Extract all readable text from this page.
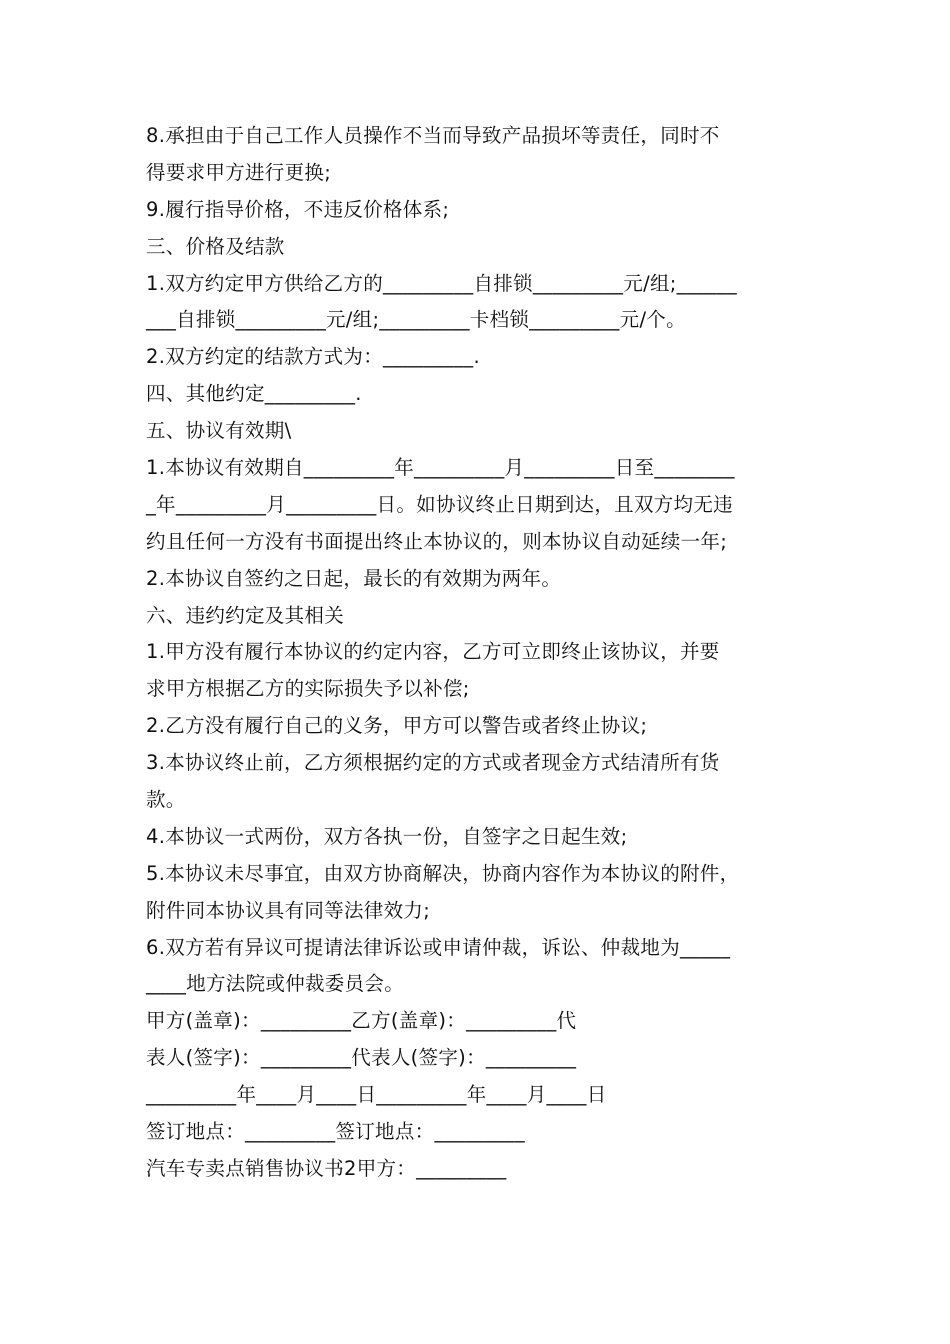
8.承担由于自己工作人员操作不当而导致产品损坏等责任，同时不
得要求甲方进行更换;
9.履行指导价格，不违反价格体系;
三、价格及结款
1.双方约定甲方供给乙方的_________自排锁_________元/组;______
___自排锁_________元/组;_________卡档锁_________元/个。
2.双方约定的结款方式为：_________.
四、其他约定_________.
五、协议有效期\
1.本协议有效期自_________年_________月_________日至________
_年_________月_________日。如协议终止日期到达，且双方均无违
约且任何一方没有书面提出终止本协议的，则本协议自动延续一年;
2.本协议自签约之日起，最长的有效期为两年。
六、违约约定及其相关
1.甲方没有履行本协议的约定内容，乙方可立即终止该协议，并要
求甲方根据乙方的实际损失予以补偿;
2.乙方没有履行自己的义务，甲方可以警告或者终止协议;
3.本协议终止前，乙方须根据约定的方式或者现金方式结清所有货
款。
4.本协议一式两份，双方各执一份，自签字之日起生效;
5.本协议未尽事宜，由双方协商解决，协商内容作为本协议的附件，
附件同本协议具有同等法律效力;
6.双方若有异议可提请法律诉讼或申请仲裁，诉讼、仲裁地为_____
____地方法院或仲裁委员会。
甲方(盖章)：_________乙方(盖章)：_________代
表人(签字)：_________代表人(签字)：_________
_________年____月____日_________年____月____日
签订地点：_________签订地点：_________
汽车专卖点销售协议书2甲方：_________
